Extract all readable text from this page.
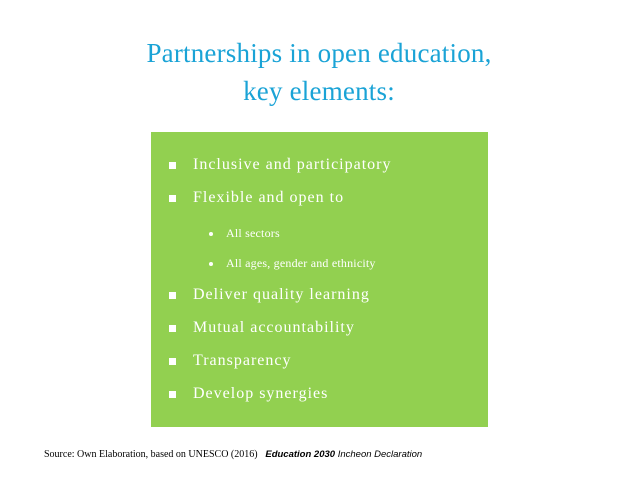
Partnerships in open education,
key elements:
Inclusive and participatory
Flexible and open to
All sectors
All ages, gender and ethnicity
Deliver quality learning
Mutual accountability
Transparency
Develop synergies
Source: Own Elaboration, based on UNESCO (2016) Education 2030 Incheon Declaration
